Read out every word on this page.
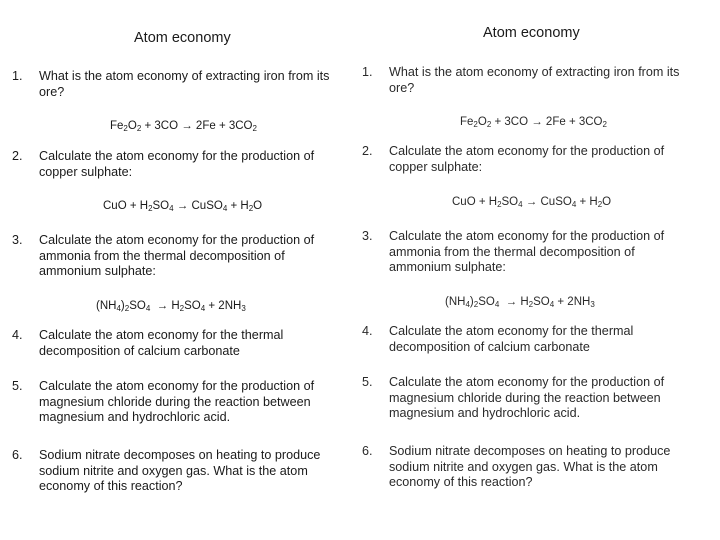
Atom economy
1. What is the atom economy of extracting iron from its ore?
$Fe_2O_2 + 3CO \to 2Fe + 3CO_2$
2. Calculate the atom economy for the production of copper sulphate:
CuO + $H_2SO_4$ → CuSO$_4$ + $H_2O$
3. Calculate the atom economy for the production of ammonia from the thermal decomposition of ammonium sulphate:
$(NH_4)_2SO_4 \to H_2SO_4 + 2NH_3$
4. Calculate the atom economy for the thermal decomposition of calcium carbonate
5. Calculate the atom economy for the production of magnesium chloride during the reaction between magnesium and hydrochloric acid.
6. Sodium nitrate decomposes on heating to produce sodium nitrite and oxygen gas. What is the atom economy of this reaction?
Atom economy
1. What is the atom economy of extracting iron from its ore?
$Fe_2O_2 + 3CO \to 2Fe + 3CO_2$
2. Calculate the atom economy for the production of copper sulphate:
CuO + $H_2SO_4$ → CuSO$_4$ + $H_2O$
3. Calculate the atom economy for the production of ammonia from the thermal decomposition of ammonium sulphate:
$(NH_4)_2SO_4 \to H_2SO_4 + 2NH_3$
4. Calculate the atom economy for the thermal decomposition of calcium carbonate
5. Calculate the atom economy for the production of magnesium chloride during the reaction between magnesium and hydrochloric acid.
6. Sodium nitrate decomposes on heating to produce sodium nitrite and oxygen gas. What is the atom economy of this reaction?
